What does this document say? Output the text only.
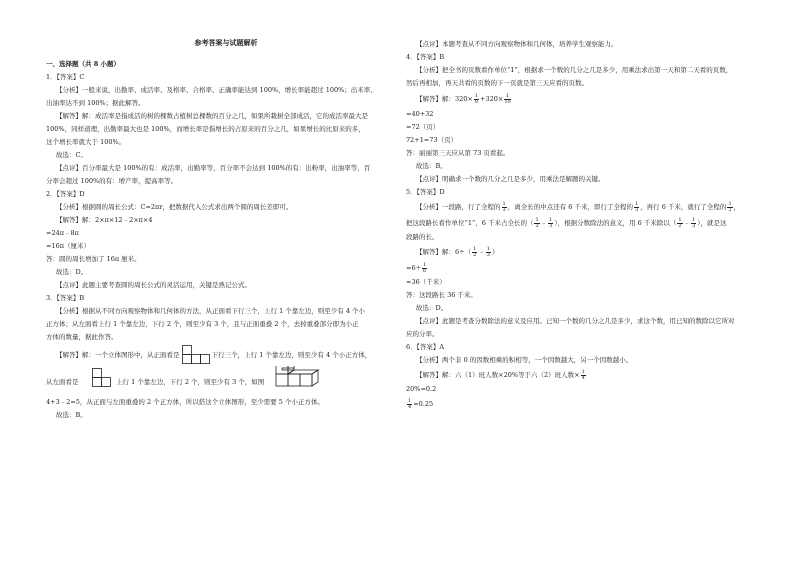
参考答案与试题解析
一、选择题（共 8 小题）
1．【答案】C
【分析】一般来说，出勤率、成活率、及格率、合格率、正确率能达到 100%，增长率能超过 100%；出米率、
出油率达不到 100%；据此解答。
【解答】解：成活率是指成活的树的棵数占植树总棵数的百分之几，如果所栽树全部成活，它的成活率最大是
100%，同样道理，出勤率最大也是 100%，而增长率是指增长的占原来的百分之几，如果增长的比原来的多，
这个增长率就大于 100%。
故选：C。
【点评】百分率最大是 100%的有：成活率，出勤率等，百分率不会达到 100%的有：出粉率，出油率等，百
分率会超过 100%的有：增产率，提高率等。
2．【答案】D
【分析】根据圆的周长公式：C=2πr，把数据代入公式求出两个圆的周长差即可。
【解答】解：2×π×12﹣2×π×4
=24π﹣8π
=16π（厘米）
答：圆的周长增加了 16π 厘米。
故选：D。
【点评】此题主要考查圆的周长公式的灵活运用，关键是熟记公式。
3．【答案】B
【分析】根据从不同方向观察物体和几何体的方法，从正面看下行三个，上行 1 个靠左边，则至少有 4 个小
正方体；从左面看上行 1 个靠左边，下行 2 个，则至少有 3 个，且与正面重叠 2 个，去掉重叠部分即为小正
方体的数量，据此作答。
【解答】解：一个立体图形中，从正面看是	下行三个，上行 1 个靠左边，则至少有 4 个小正方体，
从左面看是	上行 1 个靠左边，下行 2 个，则至少有 3 个，如图
4+3﹣2=5，从正面与左面重叠的 2 个正方体，所以搭这个立体图形，至少需要 5 个小正方体。
故选：B。
【点评】本题考查从不同方向观察物体和几何体，培养学生观察能力。
4．【答案】B
【分析】把全书的页数看作单位“1”，根据求一个数的几分之几是多少，用乘法求出第一天和第二天看的页数，
然后再相加，再天共看的页数的下一页就是第三天应看的页数。
【解答】解：$320\times \frac{1}{8} +320\times \frac{1}{10}$
=40+32
=72（页）
72+1=73（页）
答：丽丽第三天应从第 73 页看起。
故选：B。
【点评】明确求一个数的几分之几是多少，用乘法是解题的关键。
5．【答案】D
【分析】一段路，行了全程的 $\frac{1}{3}$ ，离全长的中点还有 6 千米，即行了全程的 $\frac{1}{3}$ ，再行 6 千米，就行了全程的 $\frac{1}{2}$ ，
把这段路长看作单位“1”，6 千米占全长的（ $\frac{1}{2}$ ﹣ $\frac{1}{3}$ ），根据分数除法的意义，用 6 千米除以（ $\frac{1}{2}$ ﹣ $\frac{1}{3}$ ），就是这
段路的长。
【解答】解：$6\div( \frac{1}{2}$ ﹣ $\frac{1}{3}$ ）
$=6\div \frac{1}{6}$
=36（千米）
答：这段路长 36 千米。
故选：D。
【点评】此题是考查分数除法的意义及应用。已知一个数的几分之几是多少，求这个数，用已知的数除以它所对
应的分率。
6．【答案】A
【分析】两个非 0 的因数相乘的积相等，一个因数越大，另一个因数越小。
【解答】解：六（1）班人数×20%等于六（2）班人数× $\frac{1}{4}$
20%=0.2
$\frac{1}{4} =0.25$
